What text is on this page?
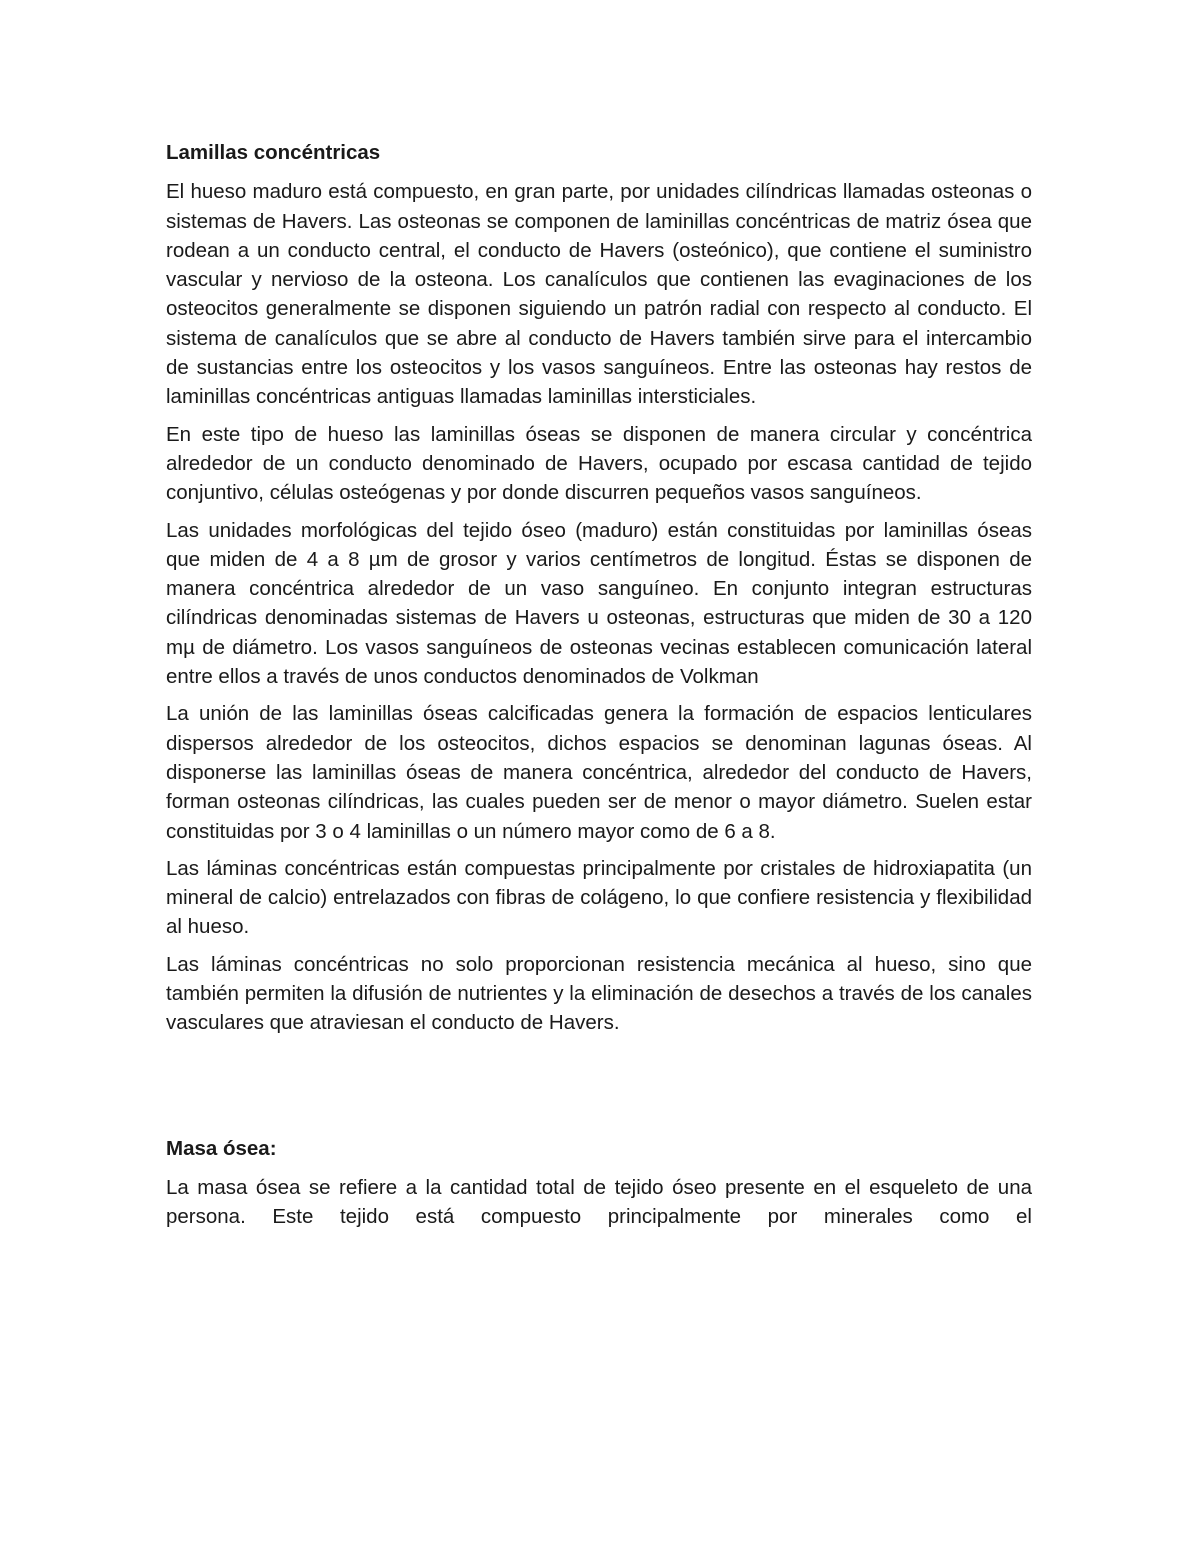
Lamillas concéntricas

El hueso maduro está compuesto, en gran parte, por unidades cilíndricas llamadas osteonas o sistemas de Havers. Las osteonas se componen de laminillas concéntricas de matriz ósea que rodean a un conducto central, el conducto de Havers (osteónico), que contiene el suministro vascular y nervioso de la osteona. Los canalículos que contienen las evaginaciones de los osteocitos generalmente se disponen siguiendo un patrón radial con respecto al conducto. El sistema de canalículos que se abre al conducto de Havers también sirve para el intercambio de sustancias entre los osteocitos y los vasos sanguíneos. Entre las osteonas hay restos de laminillas concéntricas antiguas llamadas laminillas intersticiales.

En este tipo de hueso las laminillas óseas se disponen de manera circular y concéntrica alrededor de un conducto denominado de Havers, ocupado por escasa cantidad de tejido conjuntivo, células osteógenas y por donde discurren pequeños vasos sanguíneos.

Las unidades morfológicas del tejido óseo (maduro) están constituidas por laminillas óseas que miden de 4 a 8 µm de grosor y varios centímetros de longitud. Éstas se disponen de manera concéntrica alrededor de un vaso sanguíneo. En conjunto integran estructuras cilíndricas denominadas sistemas de Havers u osteonas, estructuras que miden de 30 a 120 mµ de diámetro. Los vasos sanguíneos de osteonas vecinas establecen comunicación lateral entre ellos a través de unos conductos denominados de Volkman

La unión de las laminillas óseas calcificadas genera la formación de espacios lenticulares dispersos alrededor de los osteocitos, dichos espacios se denominan lagunas óseas. Al disponerse las laminillas óseas de manera concéntrica, alrededor del conducto de Havers, forman osteonas cilíndricas, las cuales pueden ser de menor o mayor diámetro. Suelen estar constituidas por 3 o 4 laminillas o un número mayor como de 6 a 8.

Las láminas concéntricas están compuestas principalmente por cristales de hidroxiapatita (un mineral de calcio) entrelazados con fibras de colágeno, lo que confiere resistencia y flexibilidad al hueso.

Las láminas concéntricas no solo proporcionan resistencia mecánica al hueso, sino que también permiten la difusión de nutrientes y la eliminación de desechos a través de los canales vasculares que atraviesan el conducto de Havers.

Masa ósea:

La masa ósea se refiere a la cantidad total de tejido óseo presente en el esqueleto de una persona. Este tejido está compuesto principalmente por minerales como el
